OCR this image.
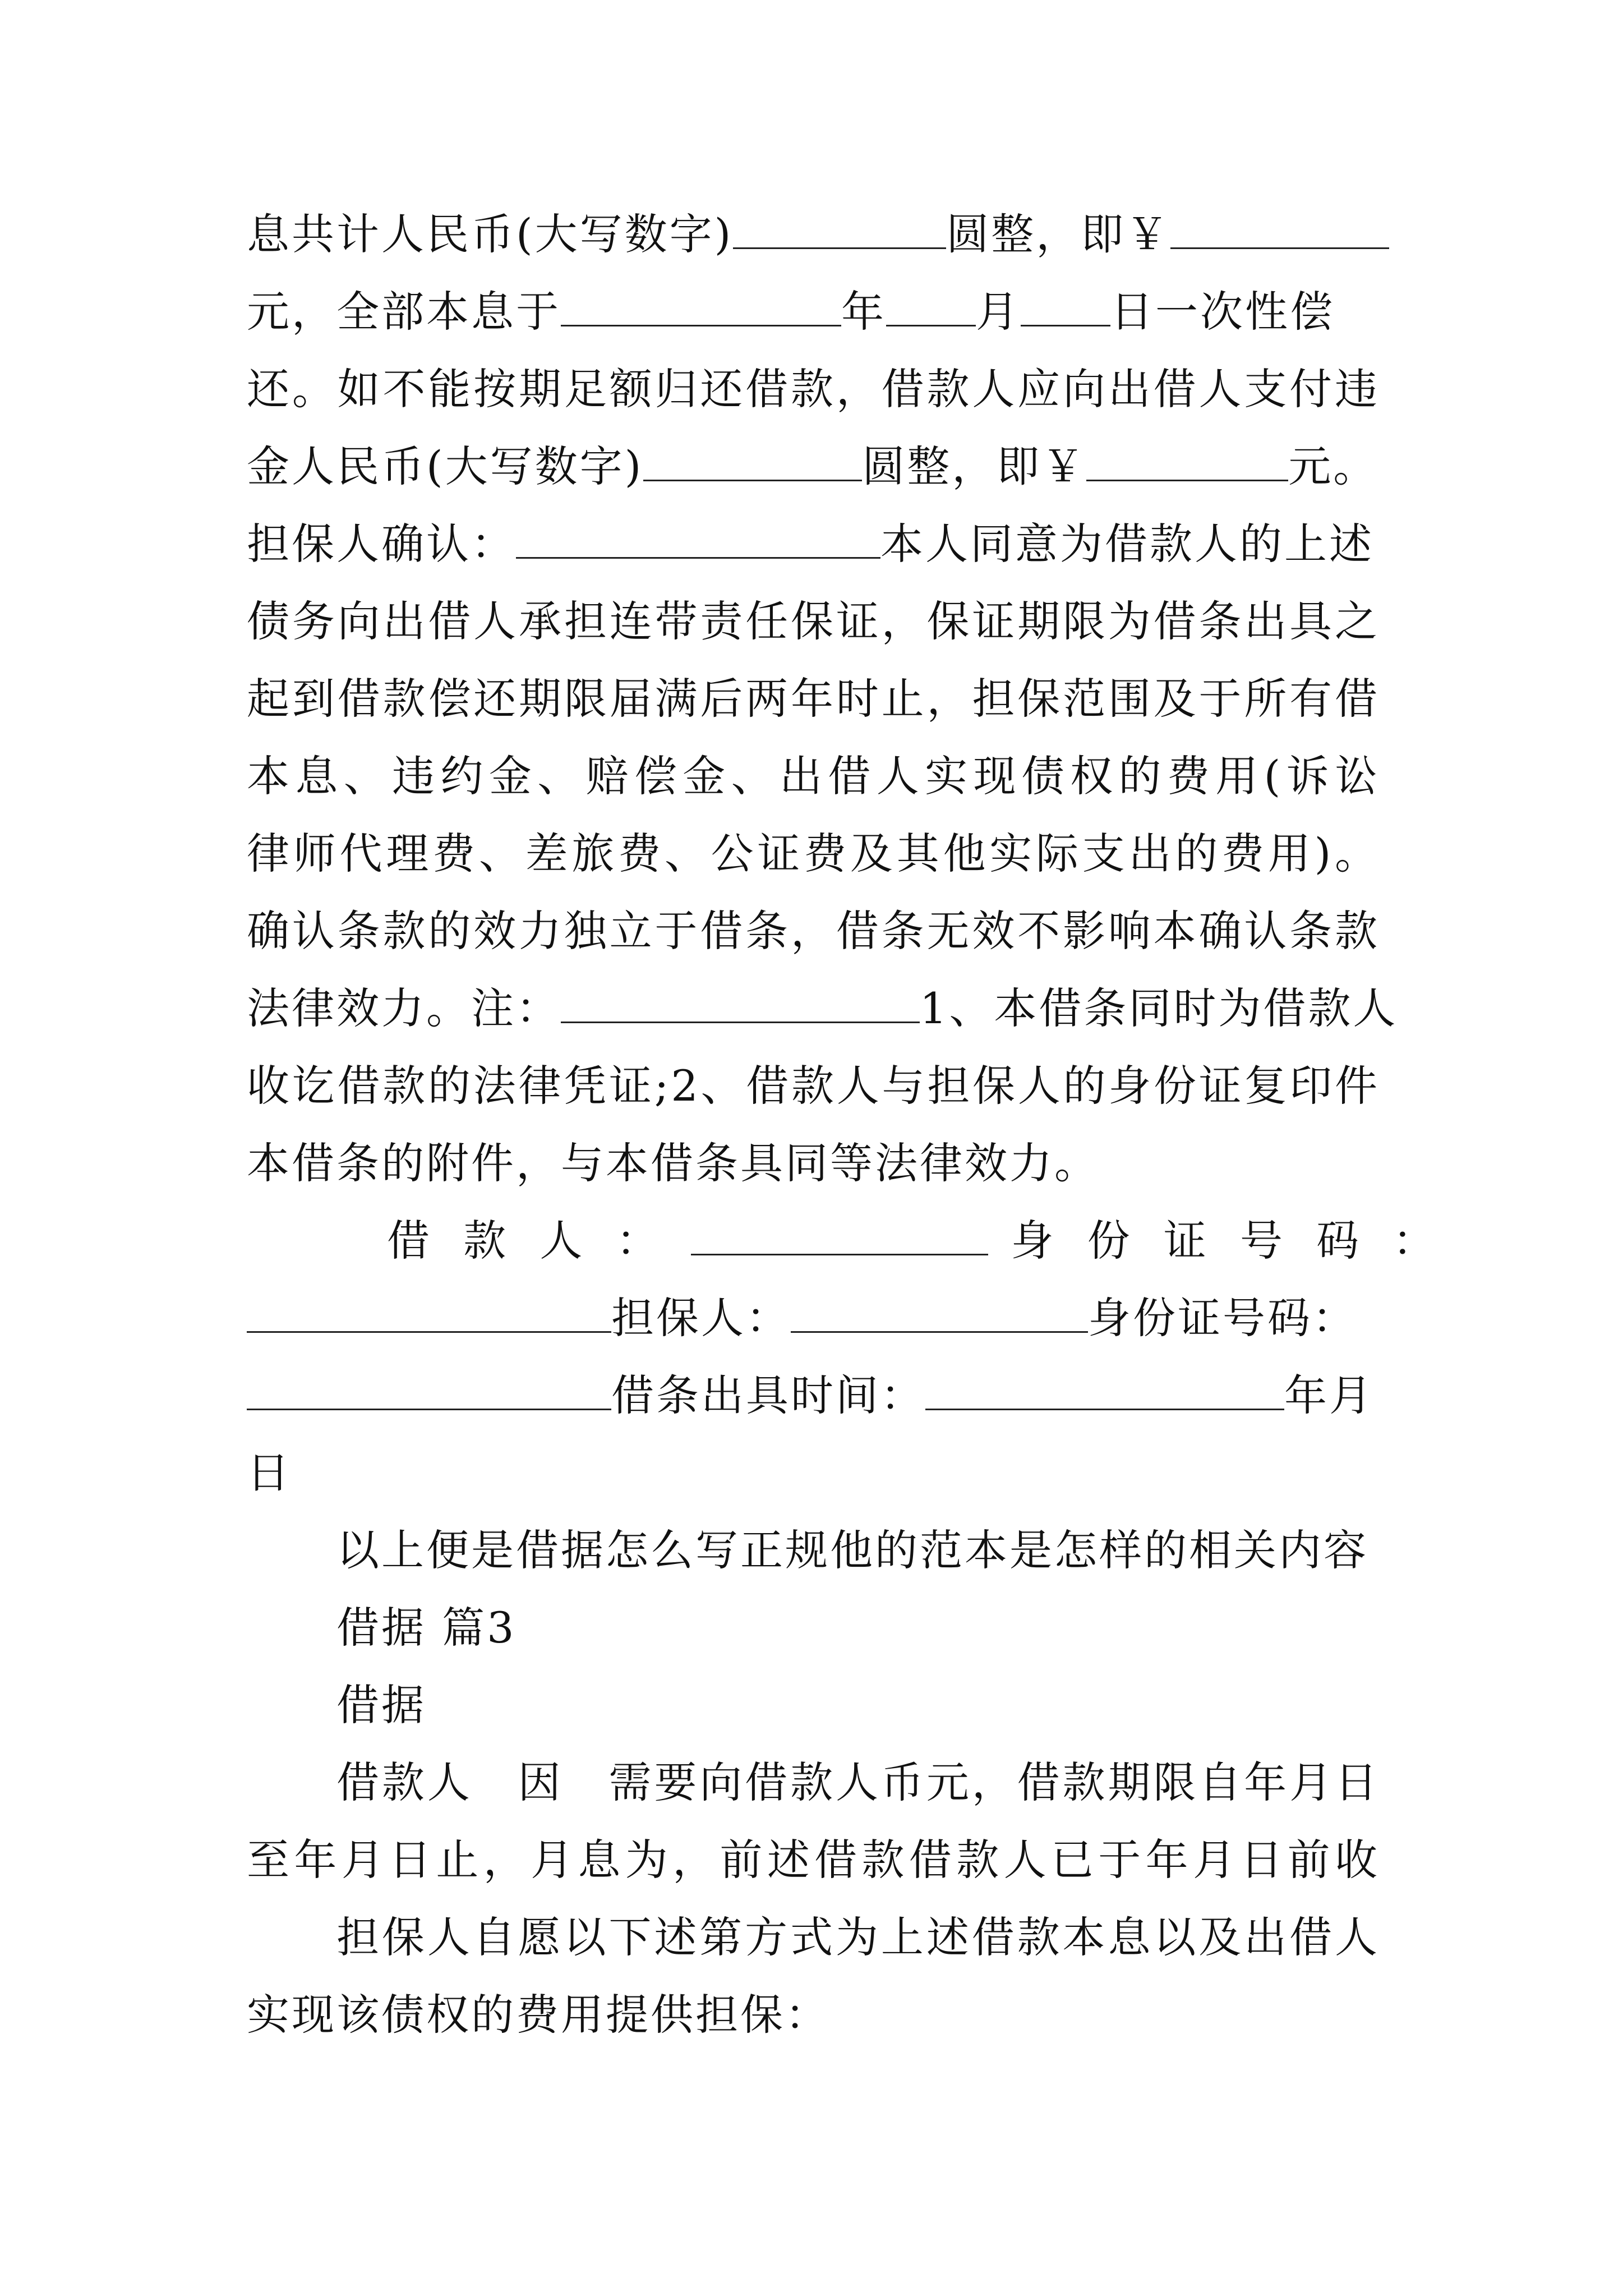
息共计人民币(大写数字)	圆整，即￥
元，全部本息于	年 月 日一次性偿
还。如不能按期足额归还借款，借款人应向出借人支付违
金人民币(大写数字)	圆整，即￥	元。
担保人确认：	本人同意为借款人的上述
债务向出借人承担连带责任保证，保证期限为借条出具之
起到借款偿还期限届满后两年时止，担保范围及于所有借
本息、违约金、赔偿金、出借人实现债权的费用(诉讼
律师代理费、差旅费、公证费及其他实际支出的费用)。
确认条款的效力独立于借条，借条无效不影响本确认条款
法律效力。注：	1、本借条同时为借款人
收讫借款的法律凭证;2、借款人与担保人的身份证复印件
本借条的附件，与本借条具同等法律效力。
借 款 人 ：	身 份 证 号 码 ：
担保人：	身份证号码：
借条出具时间：	年月
日
以上便是借据怎么写正规他的范本是怎样的相关内容
借据 篇3
借据
借款人　因　需要向借款人币元，借款期限自年月日
至年月日止，月息为，前述借款借款人已于年月日前收
担保人自愿以下述第方式为上述借款本息以及出借人
实现该债权的费用提供担保：
